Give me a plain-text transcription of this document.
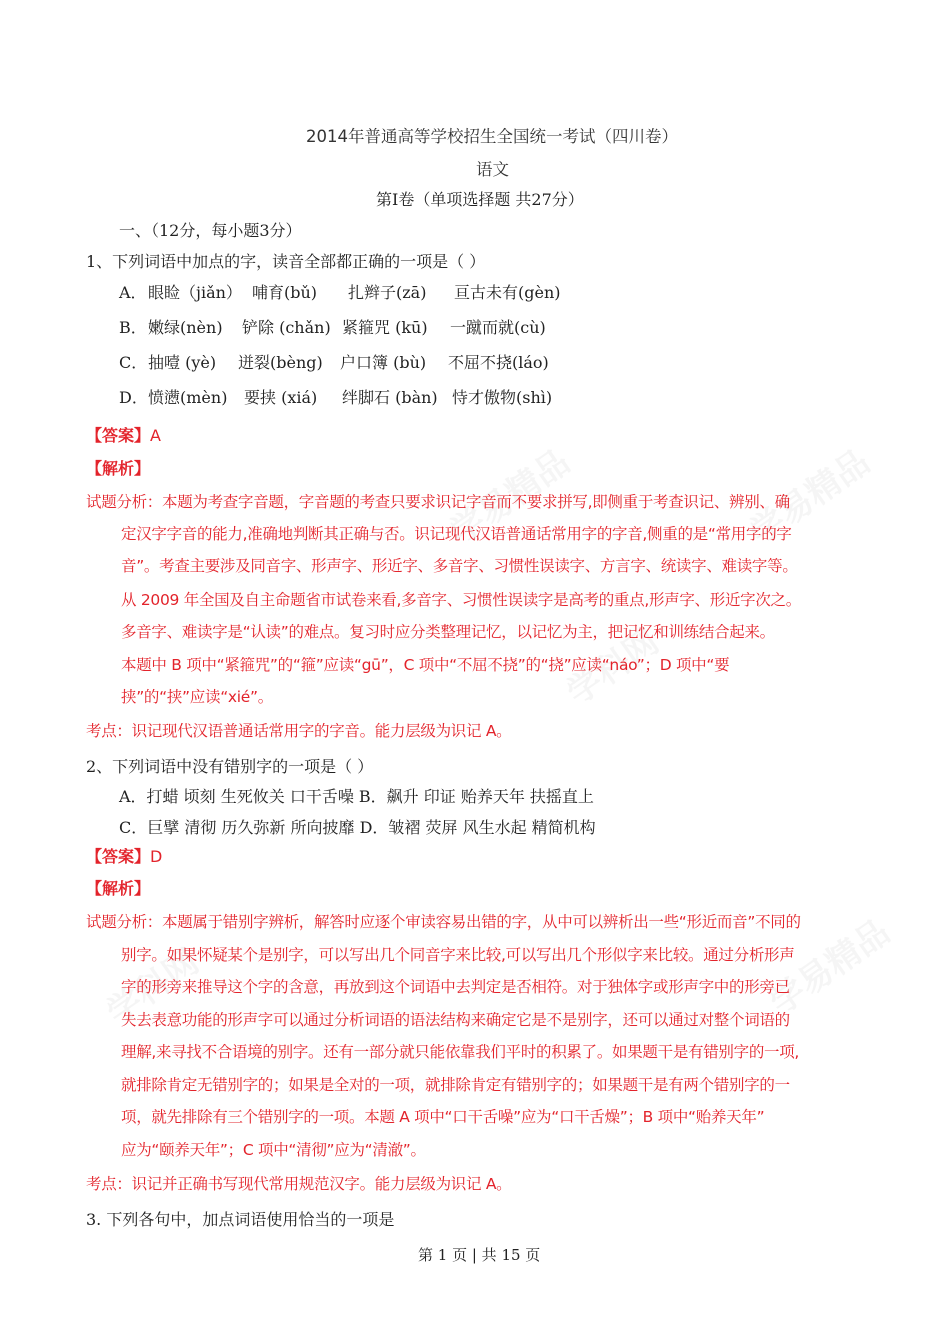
学易精品	学易精品
学科网
学科网	学易精品
2014年普通高等学校招生全国统一考试（四川卷）
语文
第Ⅰ卷（单项选择题 共27分）
一、（12分，每小题3分）
1、下列词语中加点的字，读音全部都正确的一项是（ ）
A． 眼睑（jiǎn） 哺育(bǔ) 扎辫子(zā) 亘古未有(gèn)
B． 嫩绿(nèn) 铲除 (chǎn) 紧箍咒 (kū) 一蹴而就(cù)
C． 抽噎 (yè) 迸裂(bèng) 户口簿 (bù) 不屈不挠(láo)
D． 愤懑(mèn) 要挟 (xiá) 绊脚石 (bàn) 恃才傲物(shì)
【答案】A
【解析】
试题分析：本题为考查字音题，字音题的考查只要求识记字音而不要求拼写,即侧重于考查识记、辨别、确
定汉字字音的能力,准确地判断其正确与否。识记现代汉语普通话常用字的字音,侧重的是“常用字的字
音”。考查主要涉及同音字、形声字、形近字、多音字、习惯性误读字、方言字、统读字、难读字等。
从 2009 年全国及自主命题省市试卷来看,多音字、习惯性误读字是高考的重点,形声字、形近字次之。
多音字、难读字是“认读”的难点。复习时应分类整理记忆，以记忆为主，把记忆和训练结合起来。
本题中 B 项中“紧箍咒”的“箍”应读“gū”，C 项中“不屈不挠”的“挠”应读“náo”；D 项中“要
挟”的“挟”应读“xié”。
考点：识记现代汉语普通话常用字的字音。能力层级为识记 A。
2、下列词语中没有错别字的一项是（ ）
A．打蜡 顷刻 生死攸关 口干舌噪 B．飙升 印证 贻养天年 扶摇直上
C．巨擘 清彻 历久弥新 所向披靡 D．皱褶 荧屏 风生水起 精简机构
【答案】D
【解析】
试题分析：本题属于错别字辨析，解答时应逐个审读容易出错的字，从中可以辨析出一些“形近而音”不同的
别字。如果怀疑某个是别字，可以写出几个同音字来比较,可以写出几个形似字来比较。通过分析形声
字的形旁来推导这个字的含意，再放到这个词语中去判定是否相符。对于独体字或形声字中的形旁已
失去表意功能的形声字可以通过分析词语的语法结构来确定它是不是别字，还可以通过对整个词语的
理解,来寻找不合语境的别字。还有一部分就只能依靠我们平时的积累了。如果题干是有错别字的一项,
就排除肯定无错别字的；如果是全对的一项，就排除肯定有错别字的；如果题干是有两个错别字的一
项，就先排除有三个错别字的一项。本题 A 项中“口干舌噪”应为“口干舌燥”；B 项中“贻养天年”
应为“颐养天年”；C 项中“清彻”应为“清澈”。
考点：识记并正确书写现代常用规范汉字。能力层级为识记 A。
3. 下列各句中，加点词语使用恰当的一项是
第 1 页 | 共 15 页
